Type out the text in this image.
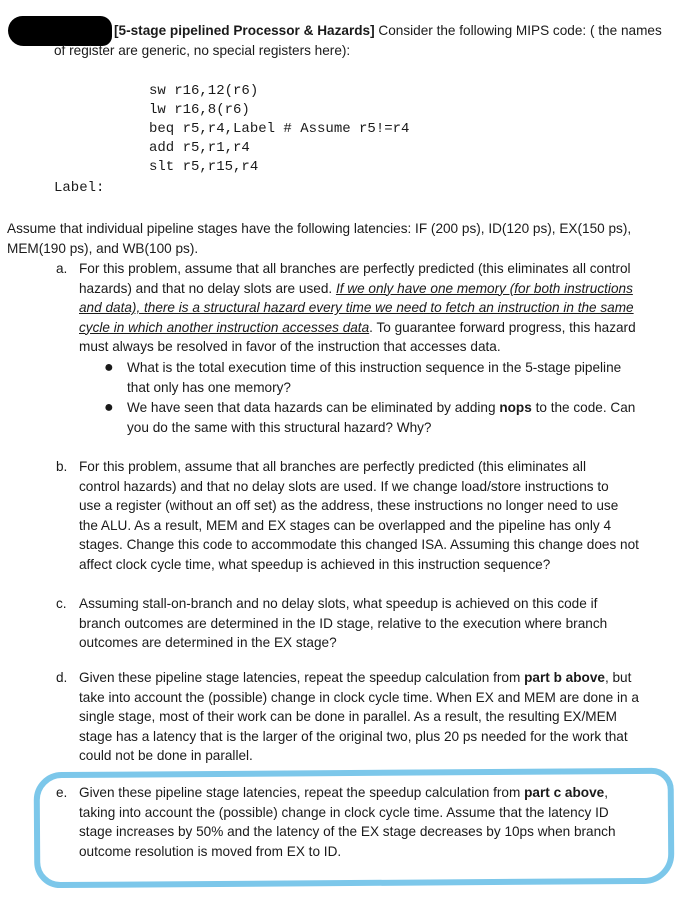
[5-stage pipelined Processor & Hazards] Consider the following MIPS code: ( the names
of register are generic, no special registers here):
sw r16,12(r6)
lw r16,8(r6)
beq r5,r4,Label # Assume r5!=r4
add r5,r1,r4
slt r5,r15,r4
Label:
Assume that individual pipeline stages have the following latencies: IF (200 ps), ID(120 ps), EX(150 ps),
MEM(190 ps), and WB(100 ps).
a. For this problem, assume that all branches are perfectly predicted (this eliminates all control
hazards) and that no delay slots are used. If we only have one memory (for both instructions
and data), there is a structural hazard every time we need to fetch an instruction in the same
cycle in which another instruction accesses data. To guarantee forward progress, this hazard
must always be resolved in favor of the instruction that accesses data.
● What is the total execution time of this instruction sequence in the 5-stage pipeline
that only has one memory?
● We have seen that data hazards can be eliminated by adding nops to the code. Can
you do the same with this structural hazard? Why?
b. For this problem, assume that all branches are perfectly predicted (this eliminates all
control hazards) and that no delay slots are used. If we change load/store instructions to
use a register (without an off set) as the address, these instructions no longer need to use
the ALU. As a result, MEM and EX stages can be overlapped and the pipeline has only 4
stages. Change this code to accommodate this changed ISA. Assuming this change does not
affect clock cycle time, what speedup is achieved in this instruction sequence?
c. Assuming stall-on-branch and no delay slots, what speedup is achieved on this code if
branch outcomes are determined in the ID stage, relative to the execution where branch
outcomes are determined in the EX stage?
d. Given these pipeline stage latencies, repeat the speedup calculation from part b above, but
take into account the (possible) change in clock cycle time. When EX and MEM are done in a
single stage, most of their work can be done in parallel. As a result, the resulting EX/MEM
stage has a latency that is the larger of the original two, plus 20 ps needed for the work that
could not be done in parallel.
e. Given these pipeline stage latencies, repeat the speedup calculation from part c above,
taking into account the (possible) change in clock cycle time. Assume that the latency ID
stage increases by 50% and the latency of the EX stage decreases by 10ps when branch
outcome resolution is moved from EX to ID.
